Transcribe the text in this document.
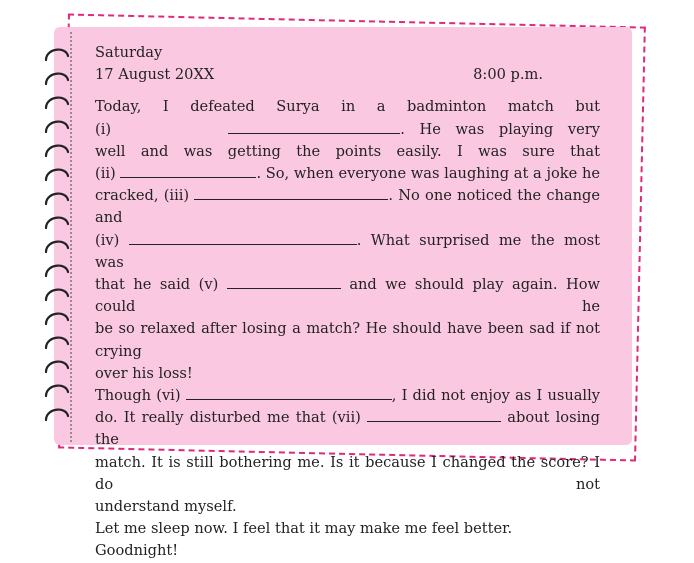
Saturday
17 August 20XX	8:00 p.m.
Today, I defeated Surya in a badminton match but
(i)	. He was playing very
well and was getting the points easily. I was sure that
(ii)	. So, when everyone was laughing at a joke he
cracked, (iii)	. No one noticed the change and
(iv)	. What surprised me the most was
that he said (v)	and we should play again. How could he
be so relaxed after losing a match? He should have been sad if not crying
over his loss!
Though (vi)	, I did not enjoy as I usually
do. It really disturbed me that (vii)	about losing the
match. It is still bothering me. Is it because I changed the score? I do not
understand myself.
Let me sleep now. I feel that it may make me feel better.
Goodnight!
